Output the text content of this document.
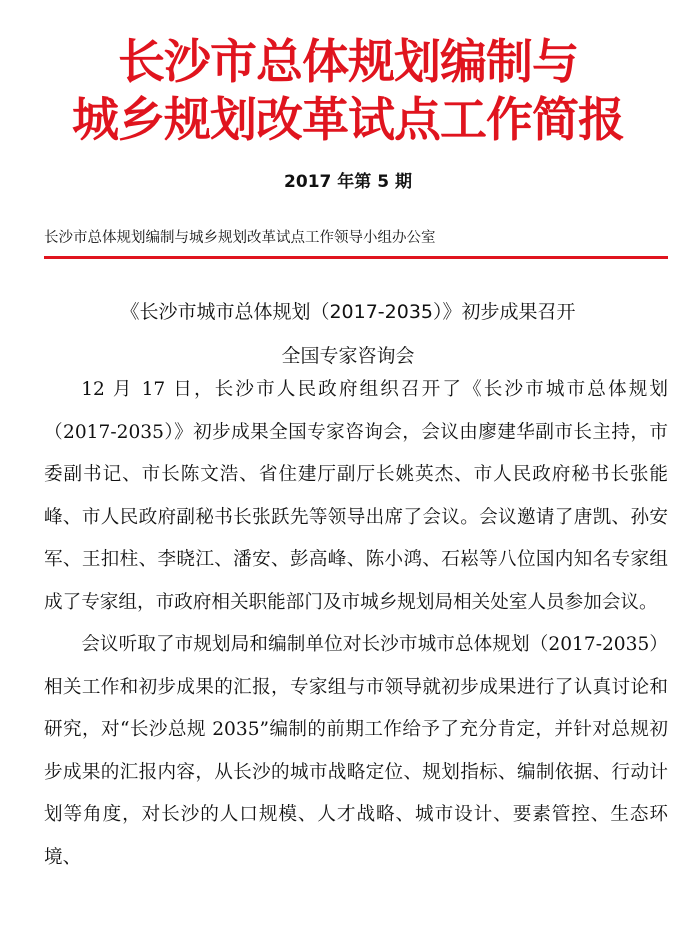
长沙市总体规划编制与
城乡规划改革试点工作简报
2017 年第 5 期
长沙市总体规划编制与城乡规划改革试点工作领导小组办公室
《长沙市城市总体规划（2017-2035）》初步成果召开
全国专家咨询会

12 月 17 日，长沙市人民政府组织召开了《长沙市城市总体规划（2017-2035）》初步成果全国专家咨询会，会议由廖建华副市长主持，市委副书记、市长陈文浩、省住建厅副厅长姚英杰、市人民政府秘书长张能峰、市人民政府副秘书长张跃先等领导出席了会议。会议邀请了唐凯、孙安军、王扣柱、李晓江、潘安、彭高峰、陈小鸿、石崧等八位国内知名专家组成了专家组，市政府相关职能部门及市城乡规划局相关处室人员参加会议。

会议听取了市规划局和编制单位对长沙市城市总体规划（2017-2035）相关工作和初步成果的汇报，专家组与市领导就初步成果进行了认真讨论和研究，对“长沙总规 2035”编制的前期工作给予了充分肯定，并针对总规初步成果的汇报内容，从长沙的城市战略定位、规划指标、编制依据、行动计划等角度，对长沙的人口规模、人才战略、城市设计、要素管控、生态环境、
